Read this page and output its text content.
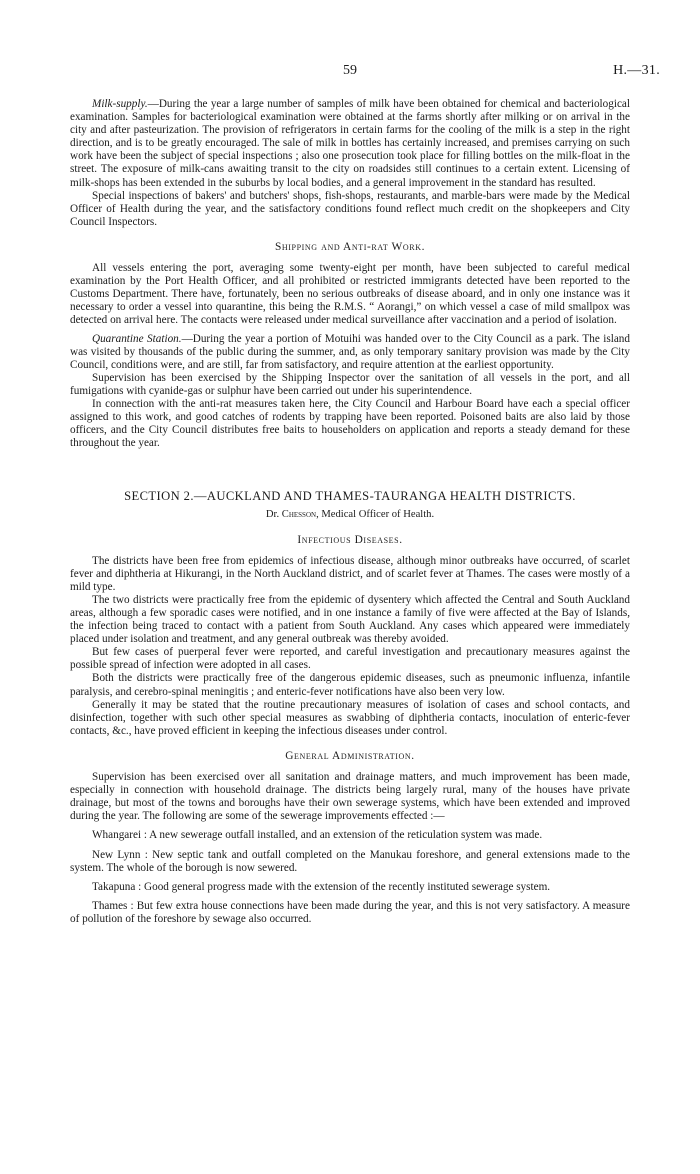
59	H.—31.

Milk-supply.—During the year a large number of samples of milk have been obtained for chemical and bacteriological examination. Samples for bacteriological examination were obtained at the farms shortly after milking or on arrival in the city and after pasteurization. The provision of refrigerators in certain farms for the cooling of the milk is a step in the right direction, and is to be greatly encouraged. The sale of milk in bottles has certainly increased, and premises carrying on such work have been the subject of special inspections ; also one prosecution took place for filling bottles on the milk-float in the street. The exposure of milk-cans awaiting transit to the city on roadsides still continues to a certain extent. Licensing of milk-shops has been extended in the suburbs by local bodies, and a general improvement in the standard has resulted.

Special inspections of bakers' and butchers' shops, fish-shops, restaurants, and marble-bars were made by the Medical Officer of Health during the year, and the satisfactory conditions found reflect much credit on the shopkeepers and City Council Inspectors.

Shipping and Anti-rat Work.

All vessels entering the port, averaging some twenty-eight per month, have been subjected to careful medical examination by the Port Health Officer, and all prohibited or restricted immigrants detected have been reported to the Customs Department. There have, fortunately, been no serious outbreaks of disease aboard, and in only one instance was it necessary to order a vessel into quarantine, this being the R.M.S. “ Aorangi,” on which vessel a case of mild smallpox was detected on arrival here. The contacts were released under medical surveillance after vaccination and a period of isolation.

Quarantine Station.—During the year a portion of Motuihi was handed over to the City Council as a park. The island was visited by thousands of the public during the summer, and, as only temporary sanitary provision was made by the City Council, conditions were, and are still, far from satisfactory, and require attention at the earliest opportunity.

Supervision has been exercised by the Shipping Inspector over the sanitation of all vessels in the port, and all fumigations with cyanide-gas or sulphur have been carried out under his superintendence.

In connection with the anti-rat measures taken here, the City Council and Harbour Board have each a special officer assigned to this work, and good catches of rodents by trapping have been reported. Poisoned baits are also laid by those officers, and the City Council distributes free baits to householders on application and reports a steady demand for these throughout the year.

SECTION 2.—AUCKLAND AND THAMES-TAURANGA HEALTH DISTRICTS.
Dr. Chesson, Medical Officer of Health.
Infectious Diseases.

The districts have been free from epidemics of infectious disease, although minor outbreaks have occurred, of scarlet fever and diphtheria at Hikurangi, in the North Auckland district, and of scarlet fever at Thames. The cases were mostly of a mild type.

The two districts were practically free from the epidemic of dysentery which affected the Central and South Auckland areas, although a few sporadic cases were notified, and in one instance a family of five were affected at the Bay of Islands, the infection being traced to contact with a patient from South Auckland. Any cases which appeared were immediately placed under isolation and treatment, and any general outbreak was thereby avoided.

But few cases of puerperal fever were reported, and careful investigation and precautionary measures against the possible spread of infection were adopted in all cases.

Both the districts were practically free of the dangerous epidemic diseases, such as pneumonic influenza, infantile paralysis, and cerebro-spinal meningitis ; and enteric-fever notifications have also been very low.

Generally it may be stated that the routine precautionary measures of isolation of cases and school contacts, and disinfection, together with such other special measures as swabbing of diphtheria contacts, inoculation of enteric-fever contacts, &c., have proved efficient in keeping the infectious diseases under control.

General Administration.

Supervision has been exercised over all sanitation and drainage matters, and much improvement has been made, especially in connection with household drainage. The districts being largely rural, many of the houses have private drainage, but most of the towns and boroughs have their own sewerage systems, which have been extended and improved during the year. The following are some of the sewerage improvements effected :—

Whangarei : A new sewerage outfall installed, and an extension of the reticulation system was made.

New Lynn : New septic tank and outfall completed on the Manukau foreshore, and general extensions made to the system. The whole of the borough is now sewered.

Takapuna : Good general progress made with the extension of the recently instituted sewerage system.

Thames : But few extra house connections have been made during the year, and this is not very satisfactory. A measure of pollution of the foreshore by sewage also occurred.
